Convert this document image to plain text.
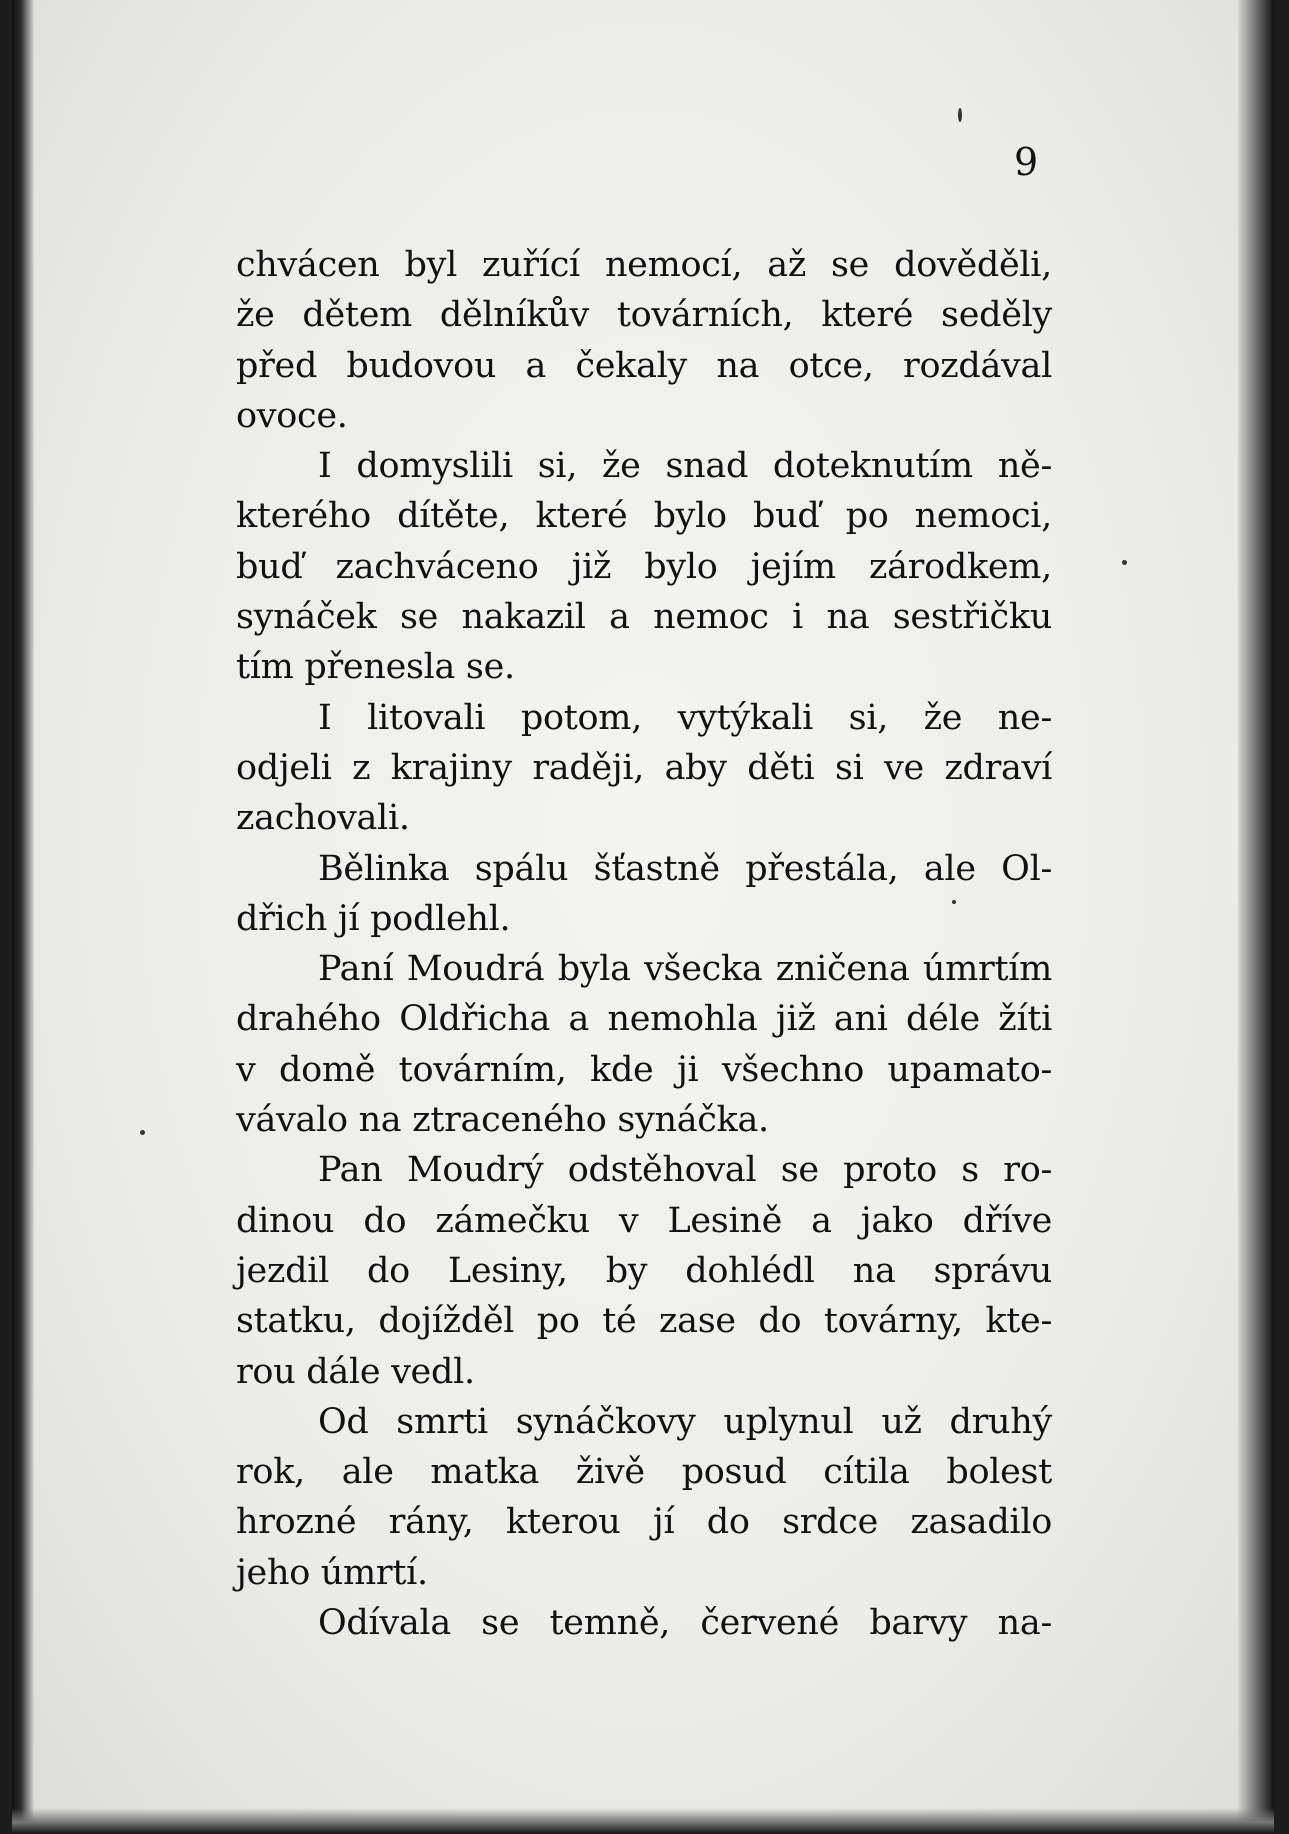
9

chvácen byl zuřící nemocí, až se dověděli,

že dětem dělníkův továrních, které seděly

před budovou a čekaly na otce, rozdával

ovoce.

I domyslili si, že snad doteknutím ně-

kterého dítěte, které bylo buď po nemoci,

buď zachváceno již bylo jejím zárodkem,

synáček se nakazil a nemoc i na sestřičku

tím přenesla se.

I litovali potom, vytýkali si, že ne-

odjeli z krajiny raději, aby děti si ve zdraví

zachovali.

Bělinka spálu šťastně přestála, ale Ol-

dřich jí podlehl.

Paní Moudrá byla všecka zničena úmrtím

drahého Oldřicha a nemohla již ani déle žíti

v domě továrním, kde ji všechno upamato-

vávalo na ztraceného synáčka.

Pan Moudrý odstěhoval se proto s ro-

dinou do zámečku v Lesině a jako dříve

jezdil do Lesiny, by dohlédl na správu

statku, dojížděl po té zase do továrny, kte-

rou dále vedl.

Od smrti synáčkovy uplynul už druhý

rok, ale matka živě posud cítila bolest

hrozné rány, kterou jí do srdce zasadilo

jeho úmrtí.

Odívala se temně, červené barvy na-
